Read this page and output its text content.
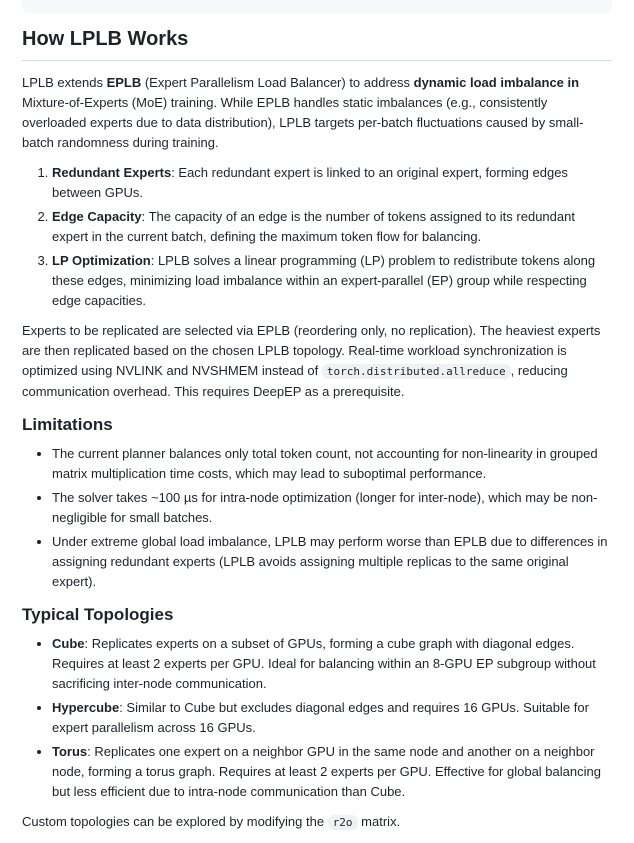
How LPLB Works

LPLB extends EPLB (Expert Parallelism Load Balancer) to address dynamic load imbalance in Mixture-of-Experts (MoE) training. While EPLB handles static imbalances (e.g., consistently overloaded experts due to data distribution), LPLB targets per-batch fluctuations caused by small-batch randomness during training.

1. Redundant Experts: Each redundant expert is linked to an original expert, forming edges between GPUs.
2. Edge Capacity: The capacity of an edge is the number of tokens assigned to its redundant expert in the current batch, defining the maximum token flow for balancing.
3. LP Optimization: LPLB solves a linear programming (LP) problem to redistribute tokens along these edges, minimizing load imbalance within an expert-parallel (EP) group while respecting edge capacities.

Experts to be replicated are selected via EPLB (reordering only, no replication). The heaviest experts are then replicated based on the chosen LPLB topology. Real-time workload synchronization is optimized using NVLINK and NVSHMEM instead of torch.distributed.allreduce , reducing communication overhead. This requires DeepEP as a prerequisite.

Limitations
• The current planner balances only total token count, not accounting for non-linearity in grouped matrix multiplication time costs, which may lead to suboptimal performance.
• The solver takes ~100 µs for intra-node optimization (longer for inter-node), which may be non-negligible for small batches.
• Under extreme global load imbalance, LPLB may perform worse than EPLB due to differences in assigning redundant experts (LPLB avoids assigning multiple replicas to the same original expert).
Typical Topologies
• Cube: Replicates experts on a subset of GPUs, forming a cube graph with diagonal edges. Requires at least 2 experts per GPU. Ideal for balancing within an 8-GPU EP subgroup without sacrificing inter-node communication.
• Hypercube: Similar to Cube but excludes diagonal edges and requires 16 GPUs. Suitable for expert parallelism across 16 GPUs.
• Torus: Replicates one expert on a neighbor GPU in the same node and another on a neighbor node, forming a torus graph. Requires at least 2 experts per GPU. Effective for global balancing but less efficient due to intra-node communication than Cube.

Custom topologies can be explored by modifying the r2o matrix.
